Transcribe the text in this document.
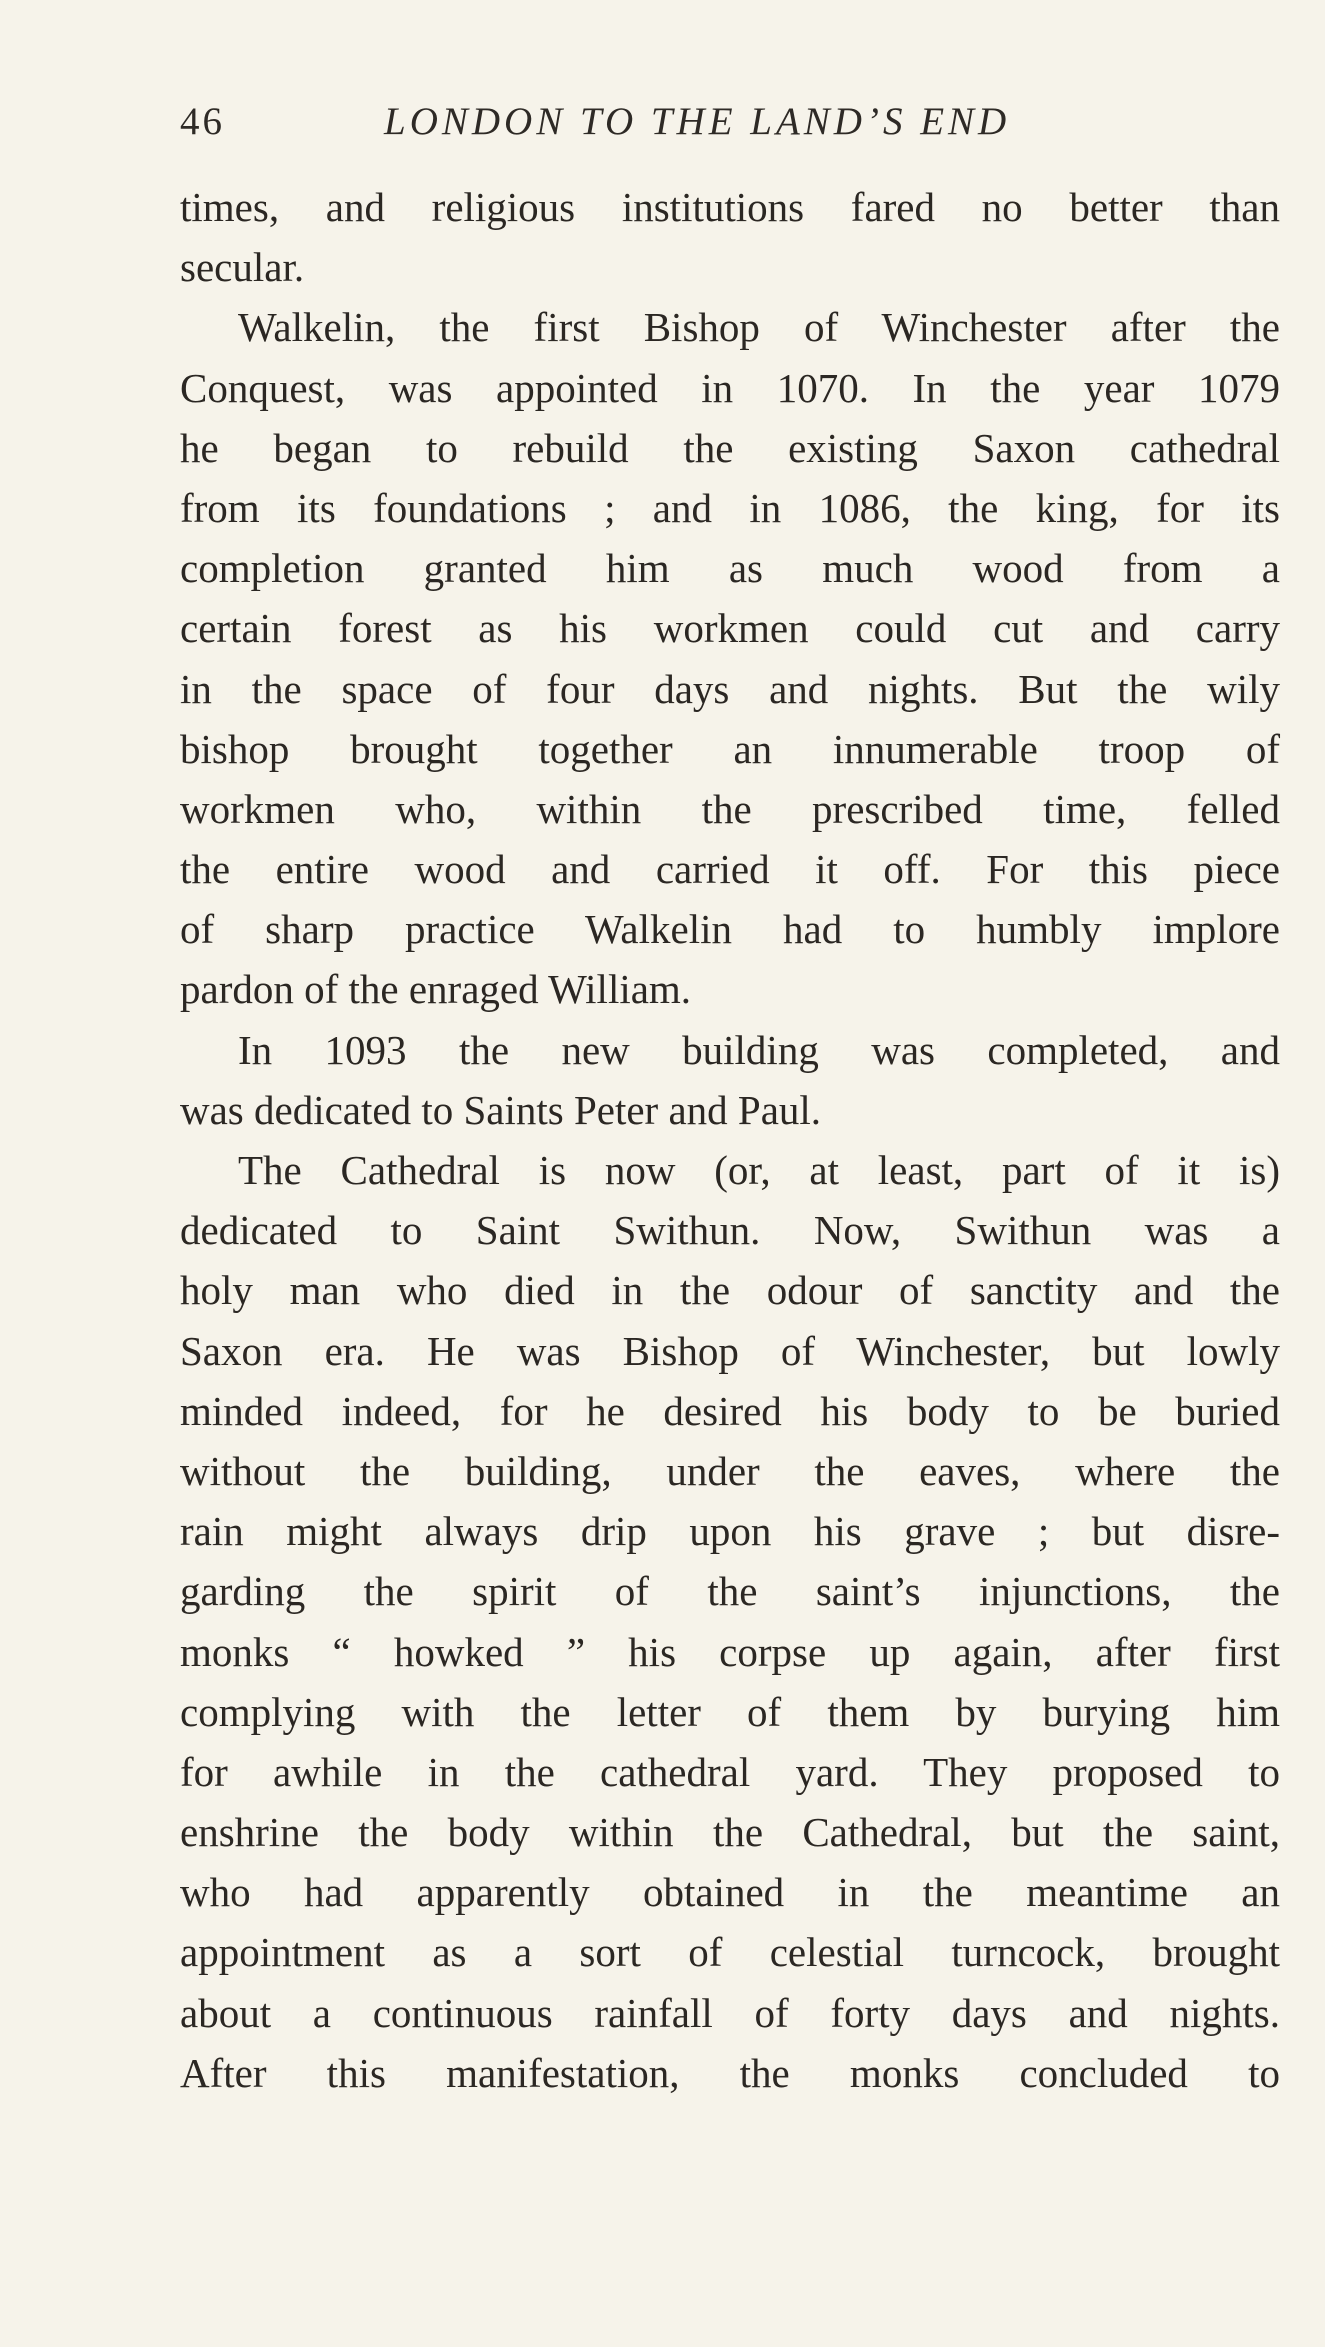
46	LONDON TO THE LAND’S END
times, and religious institutions fared no better than
secular.
Walkelin, the first Bishop of Winchester after the
Conquest, was appointed in 1070. In the year 1079
he began to rebuild the existing Saxon cathedral
from its foundations ; and in 1086, the king, for its
completion granted him as much wood from a
certain forest as his workmen could cut and carry
in the space of four days and nights. But the wily
bishop brought together an innumerable troop of
workmen who, within the prescribed time, felled
the entire wood and carried it off. For this piece
of sharp practice Walkelin had to humbly implore
pardon of the enraged William.
In 1093 the new building was completed, and
was dedicated to Saints Peter and Paul.
The Cathedral is now (or, at least, part of it is)
dedicated to Saint Swithun. Now, Swithun was a
holy man who died in the odour of sanctity and the
Saxon era. He was Bishop of Winchester, but lowly
minded indeed, for he desired his body to be buried
without the building, under the eaves, where the
rain might always drip upon his grave ; but disre-
garding the spirit of the saint’s injunctions, the
monks “ howked ” his corpse up again, after first
complying with the letter of them by burying him
for awhile in the cathedral yard. They proposed to
enshrine the body within the Cathedral, but the saint,
who had apparently obtained in the meantime an
appointment as a sort of celestial turncock, brought
about a continuous rainfall of forty days and nights.
After this manifestation, the monks concluded to
